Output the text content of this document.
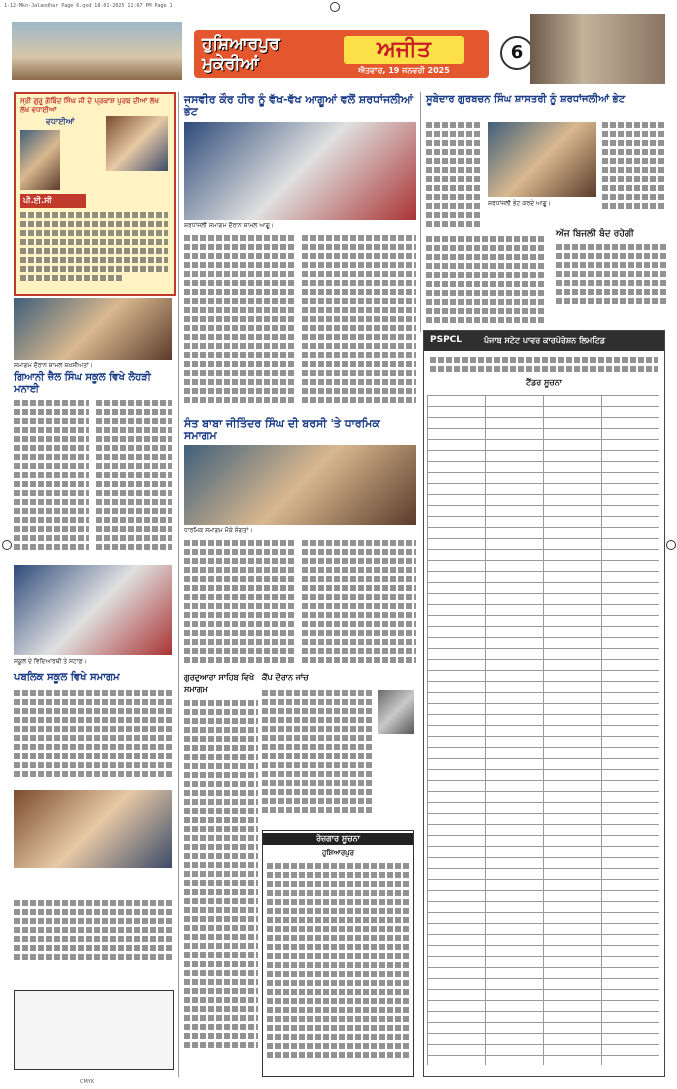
1-12-Mkn-Jalandhar Page 6.qxd 18-01-2025 11:07 PM Page 1
ਹੁਸ਼ਿਆਰਪੁਰ ਮੁਕੇਰੀਆਂ
ਅਜੀਤ
ਐਤਵਾਰ, 19 ਜਨਵਰੀ 2025
6
ਸ੍ਰੀ ਗੁਰੂ ਗੋਬਿੰਦ ਸਿੰਘ ਜੀ ਦੇ ਪ੍ਰਕਾਸ਼ ਪੁਰਬ ਦੀਆਂ ਲੱਖ ਲੱਖ ਵਧਾਈਆਂ
ਵਧਾਈਆਂ
ਪੀ.ਈ.ਸੀ
ਸਮਾਗਮ ਦੌਰਾਨ ਸ਼ਾਮਲ ਸ਼ਖ਼ਸੀਅਤਾਂ।
ਗਿਆਨੀ ਜ਼ੈਲ ਸਿੰਘ ਸਕੂਲ ਵਿਖੇ ਲੋਹੜੀ ਮਨਾਈ
ਸਕੂਲ ਦੇ ਵਿਦਿਆਰਥੀ ਤੇ ਸਟਾਫ਼।
ਪਬਲਿਕ ਸਕੂਲ ਵਿਖੇ ਸਮਾਗਮ
ਜਸਵੀਰ ਕੌਰ ਹੀਰ ਨੂੰ ਵੱਖ-ਵੱਖ ਆਗੂਆਂ ਵਲੋਂ ਸ਼ਰਧਾਂਜਲੀਆਂ ਭੇਟ
ਸ਼ਰਧਾਂਜਲੀ ਸਮਾਗਮ ਦੌਰਾਨ ਸ਼ਾਮਲ ਆਗੂ।
ਸੰਤ ਬਾਬਾ ਜੀਤਿੰਦਰ ਸਿੰਘ ਦੀ ਬਰਸੀ 'ਤੇ ਧਾਰਮਿਕ ਸਮਾਗਮ
ਧਾਰਮਿਕ ਸਮਾਗਮ ਮੌਕੇ ਸੰਗਤਾਂ।
ਗੁਰਦੁਆਰਾ ਸਾਹਿਬ ਵਿਖੇ ਸਮਾਗਮ
ਕੈਂਪ ਦੌਰਾਨ ਜਾਂਚ
ਰੋਜ਼ਗਾਰ ਸੂਚਨਾ
ਹੁਸ਼ਿਆਰਪੁਰ
ਸੂਬੇਦਾਰ ਗੁਰਬਚਨ ਸਿੰਘ ਸ਼ਾਸਤਰੀ ਨੂੰ ਸ਼ਰਧਾਂਜਲੀਆਂ ਭੇਟ
ਸ਼ਰਧਾਂਜਲੀ ਭੇਟ ਕਰਦੇ ਆਗੂ।
ਅੱਜ ਬਿਜਲੀ ਬੰਦ ਰਹੇਗੀ
PSPCL	ਪੰਜਾਬ ਸਟੇਟ ਪਾਵਰ ਕਾਰਪੋਰੇਸ਼ਨ ਲਿਮਟਿਡ
ਟੈਂਡਰ ਸੂਚਨਾ
CMYK
